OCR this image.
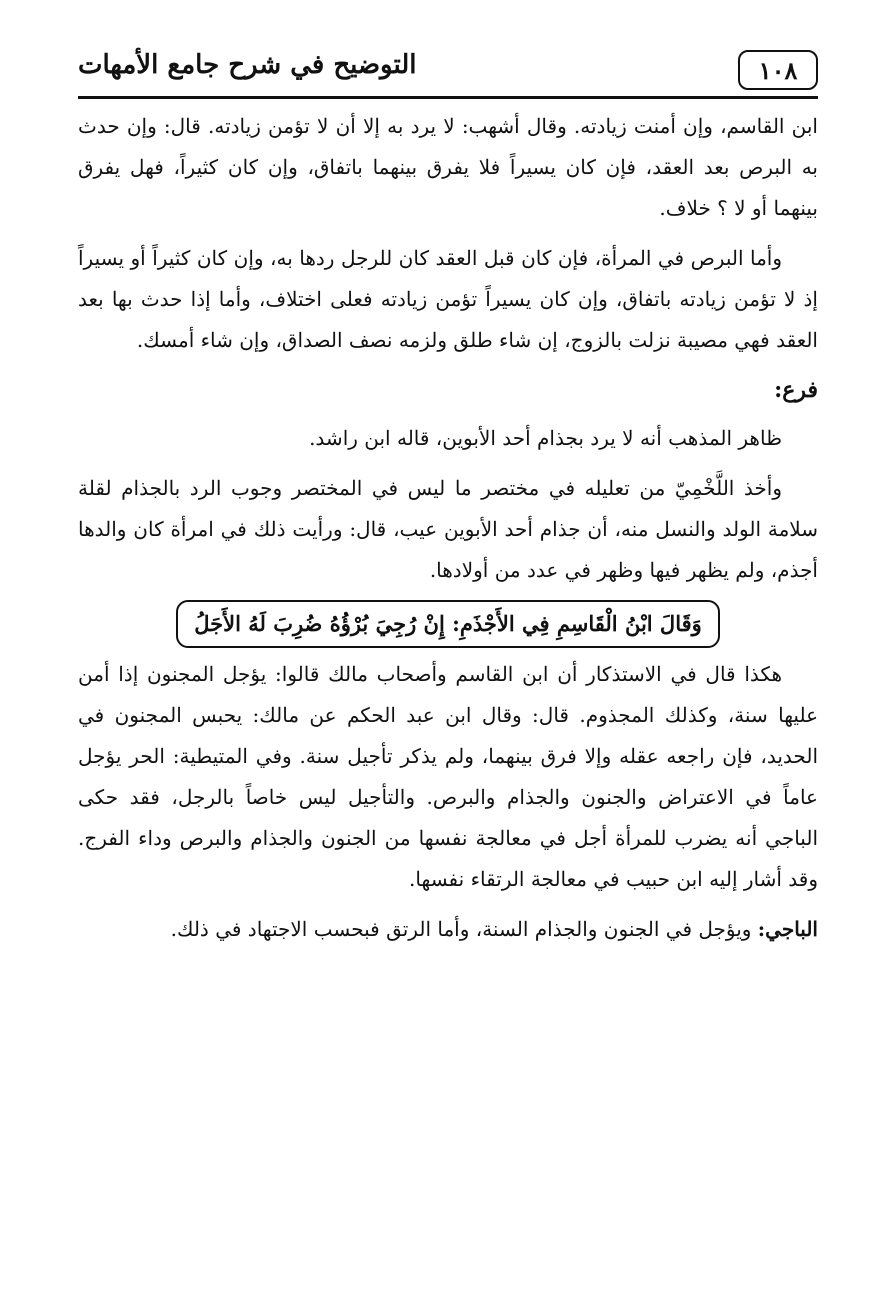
١٠٨
التوضيح في شرح جامع الأمهات

ابن القاسم، وإن أمنت زيادته. وقال أشهب: لا يرد به إلا أن لا تؤمن زيادته. قال: وإن حدث به البرص بعد العقد، فإن كان يسيراً فلا يفرق بينهما باتفاق، وإن كان كثيراً، فهل يفرق بينهما أو لا ؟ خلاف.

وأما البرص في المرأة، فإن كان قبل العقد كان للرجل ردها به، وإن كان كثيراً أو يسيراً إذ لا تؤمن زيادته باتفاق، وإن كان يسيراً تؤمن زيادته فعلى اختلاف، وأما إذا حدث بها بعد العقد فهي مصيبة نزلت بالزوج، إن شاء طلق ولزمه نصف الصداق، وإن شاء أمسك.

فرع:

ظاهر المذهب أنه لا يرد بجذام أحد الأبوين، قاله ابن راشد.

وأخذ اللَّخْمِيّ من تعليله في مختصر ما ليس في المختصر وجوب الرد بالجذام لقلة سلامة الولد والنسل منه، أن جذام أحد الأبوين عيب، قال: ورأيت ذلك في امرأة كان والدها أجذم، ولم يظهر فيها وظهر في عدد من أولادها.

وَقَالَ ابْنُ الْقَاسِمِ فِي الأَجْذَمِ: إِنْ رُجِيَ بُرْؤُهُ ضُرِبَ لَهُ الأَجَلُ

هكذا قال في الاستذكار أن ابن القاسم وأصحاب مالك قالوا: يؤجل المجنون إذا أمن عليها سنة، وكذلك المجذوم. قال: وقال ابن عبد الحكم عن مالك: يحبس المجنون في الحديد، فإن راجعه عقله وإلا فرق بينهما، ولم يذكر تأجيل سنة. وفي المتيطية: الحر يؤجل عاماً في الاعتراض والجنون والجذام والبرص. والتأجيل ليس خاصاً بالرجل، فقد حكى الباجي أنه يضرب للمرأة أجل في معالجة نفسها من الجنون والجذام والبرص وداء الفرج. وقد أشار إليه ابن حبيب في معالجة الرتقاء نفسها.

الباجي: ويؤجل في الجنون والجذام السنة، وأما الرتق فبحسب الاجتهاد في ذلك.
